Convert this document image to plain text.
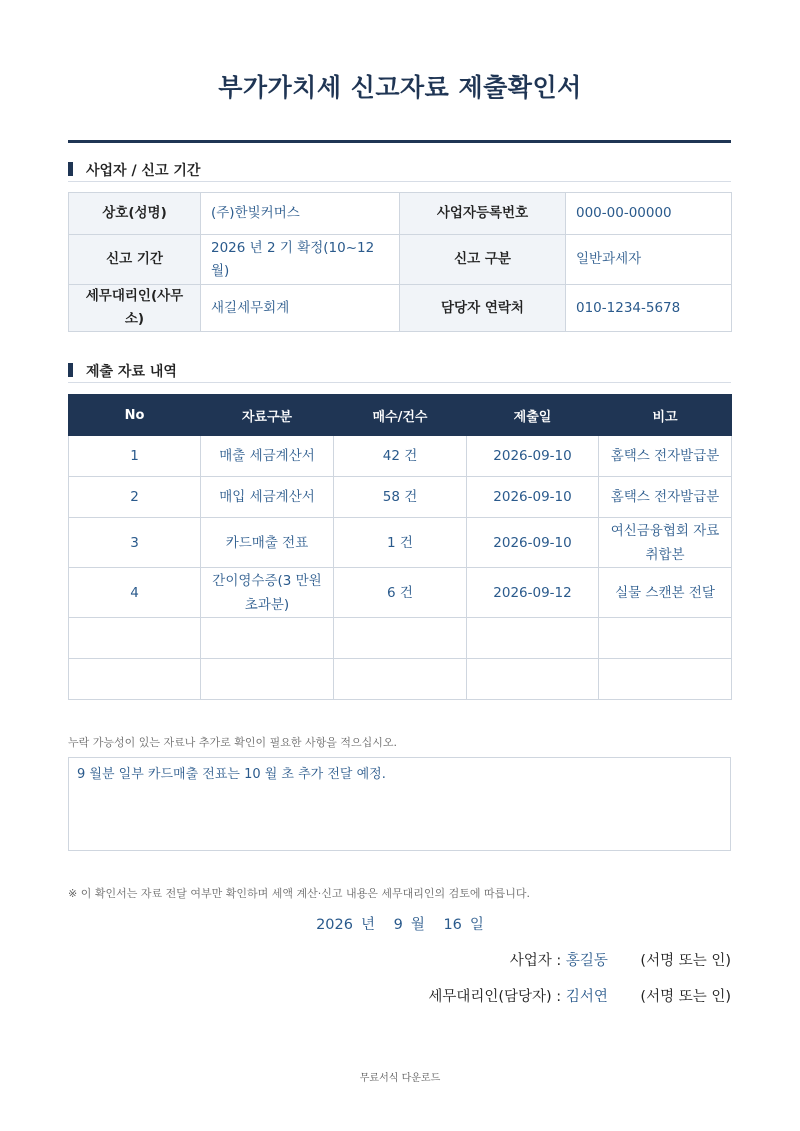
부가가치세 신고자료 제출확인서
사업자 / 신고 기간
상호(성명)	(주)한빛커머스	사업자등록번호	000-00-00000
신고 기간	2026 년 2 기 확정(10~12월)	신고 구분	일반과세자
세무대리인(사무소)	새길세무회계	담당자 연락처	010-1234-5678
제출 자료 내역
No	자료구분	매수/건수	제출일	비고
1	매출 세금계산서	42 건	2026-09-10	홈택스 전자발급분
2	매입 세금계산서	58 건	2026-09-10	홈택스 전자발급분
3	카드매출 전표	1 건	2026-09-10	여신금융협회 자료 취합본
4	간이영수증(3 만원 초과분)	6 건	2026-09-12	실물 스캔본 전달

누락 가능성이 있는 자료나 추가로 확인이 필요한 사항을 적으십시오.
9 월분 일부 카드매출 전표는 10 월 초 추가 전달 예정.
※ 이 확인서는 자료 전달 여부만 확인하며 세액 계산·신고 내용은 세무대리인의 검토에 따릅니다.
2026 년 9 월 16 일
사업자 : 홍길동 (서명 또는 인)
세무대리인(담당자) : 김서연 (서명 또는 인)
무료서식 다운로드
